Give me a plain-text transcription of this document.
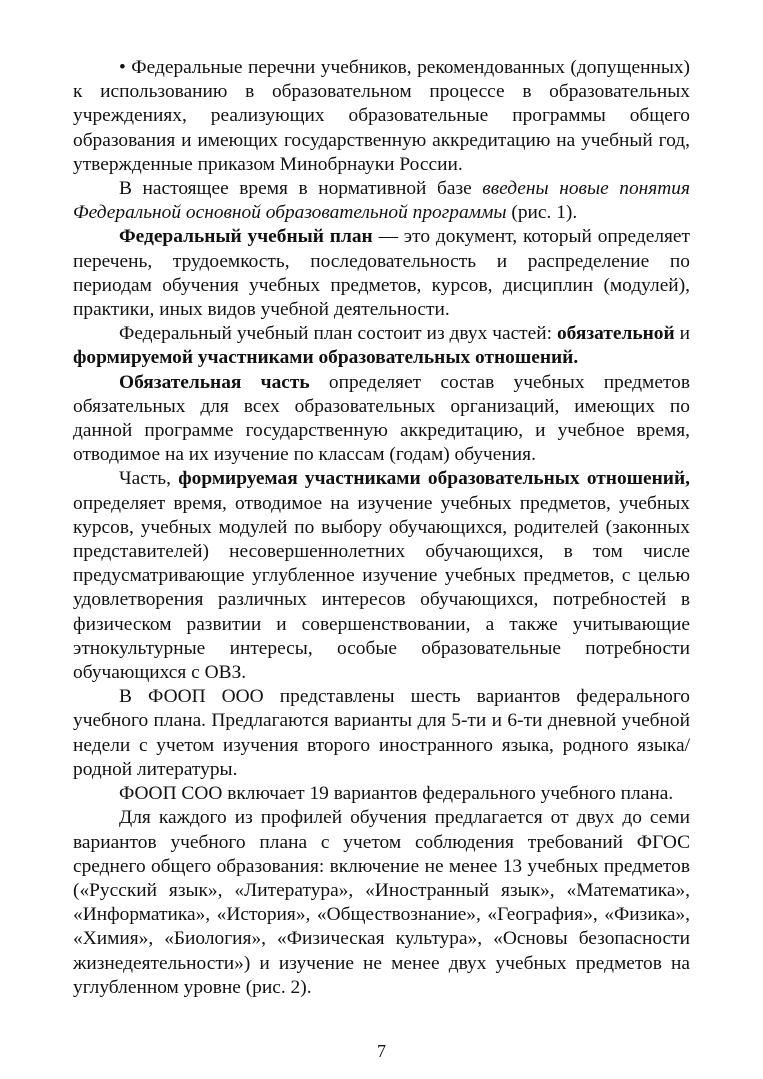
• Федеральные перечни учебников, рекомендованных (допущенных) к использованию в образовательном процессе в образовательных учреждениях, реализующих образовательные программы общего образования и имеющих государственную аккредитацию на учебный год, утвержденные приказом Минобрнауки России.

В настоящее время в нормативной базе введены новые понятия Федеральной основной образовательной программы (рис. 1).

Федеральный учебный план — это документ, который определяет перечень, трудоемкость, последовательность и распределение по периодам обучения учебных предметов, курсов, дисциплин (модулей), практики, иных видов учебной деятельности.

Федеральный учебный план состоит из двух частей: обязательной и формируемой участниками образовательных отношений.

Обязательная часть определяет состав учебных предметов обязательных для всех образовательных организаций, имеющих по данной программе государственную аккредитацию, и учебное время, отводимое на их изучение по классам (годам) обучения.

Часть, формируемая участниками образовательных отношений, определяет время, отводимое на изучение учебных предметов, учебных курсов, учебных модулей по выбору обучающихся, родителей (законных представителей) несовершеннолетних обучающихся, в том числе предусматривающие углубленное изучение учебных предметов, с целью удовлетворения различных интересов обучающихся, потребностей в физическом развитии и совершенствовании, а также учитывающие этнокультурные интересы, особые образовательные потребности обучающихся с ОВЗ.

В ФООП ООО представлены шесть вариантов федерального учебного плана. Предлагаются варианты для 5-ти и 6-ти дневной учебной недели с учетом изучения второго иностранного языка, родного языка/родной литературы.

ФООП СОО включает 19 вариантов федерального учебного плана.

Для каждого из профилей обучения предлагается от двух до семи вариантов учебного плана с учетом соблюдения требований ФГОС среднего общего образования: включение не менее 13 учебных предметов («Русский язык», «Литература», «Иностранный язык», «Математика», «Информатика», «История», «Обществознание», «География», «Физика», «Химия», «Биология», «Физическая культура», «Основы безопасности жизнедеятельности») и изучение не менее двух учебных предметов на углубленном уровне (рис. 2).

7
